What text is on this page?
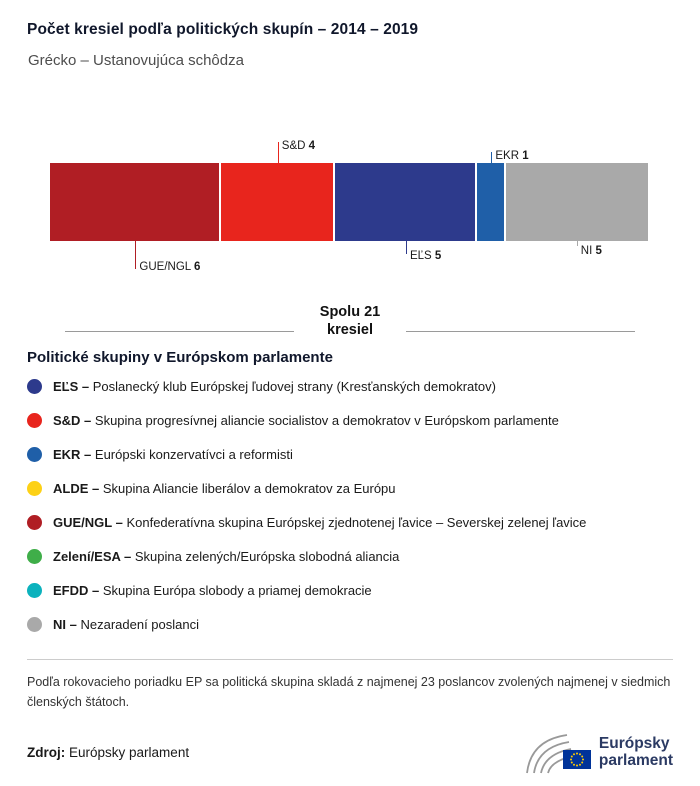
Počet kresiel podľa politických skupín – 2014 – 2019
Grécko – Ustanovujúca schôdza
GUE/NGL 6
S&D 4
EĽS 5
EKR 1
NI 5
Spolu 21
kresiel
Politické skupiny v Európskom parlamente
EĽS – Poslanecký klub Európskej ľudovej strany (Kresťanských demokratov)
S&D – Skupina progresívnej aliancie socialistov a demokratov v Európskom parlamente
EKR – Európski konzervatívci a reformisti
ALDE – Skupina Aliancie liberálov a demokratov za Európu
GUE/NGL – Konfederatívna skupina Európskej zjednotenej ľavice – Severskej zelenej ľavice
Zelení/ESA – Skupina zelených/Európska slobodná aliancia
EFDD – Skupina Európa slobody a priamej demokracie
NI – Nezaradení poslanci

Podľa rokovacieho poriadku EP sa politická skupina skladá z najmenej 23 poslancov zvolených najmenej v siedmich členských štátoch.

Zdroj: Európsky parlament

Európsky
parlament
